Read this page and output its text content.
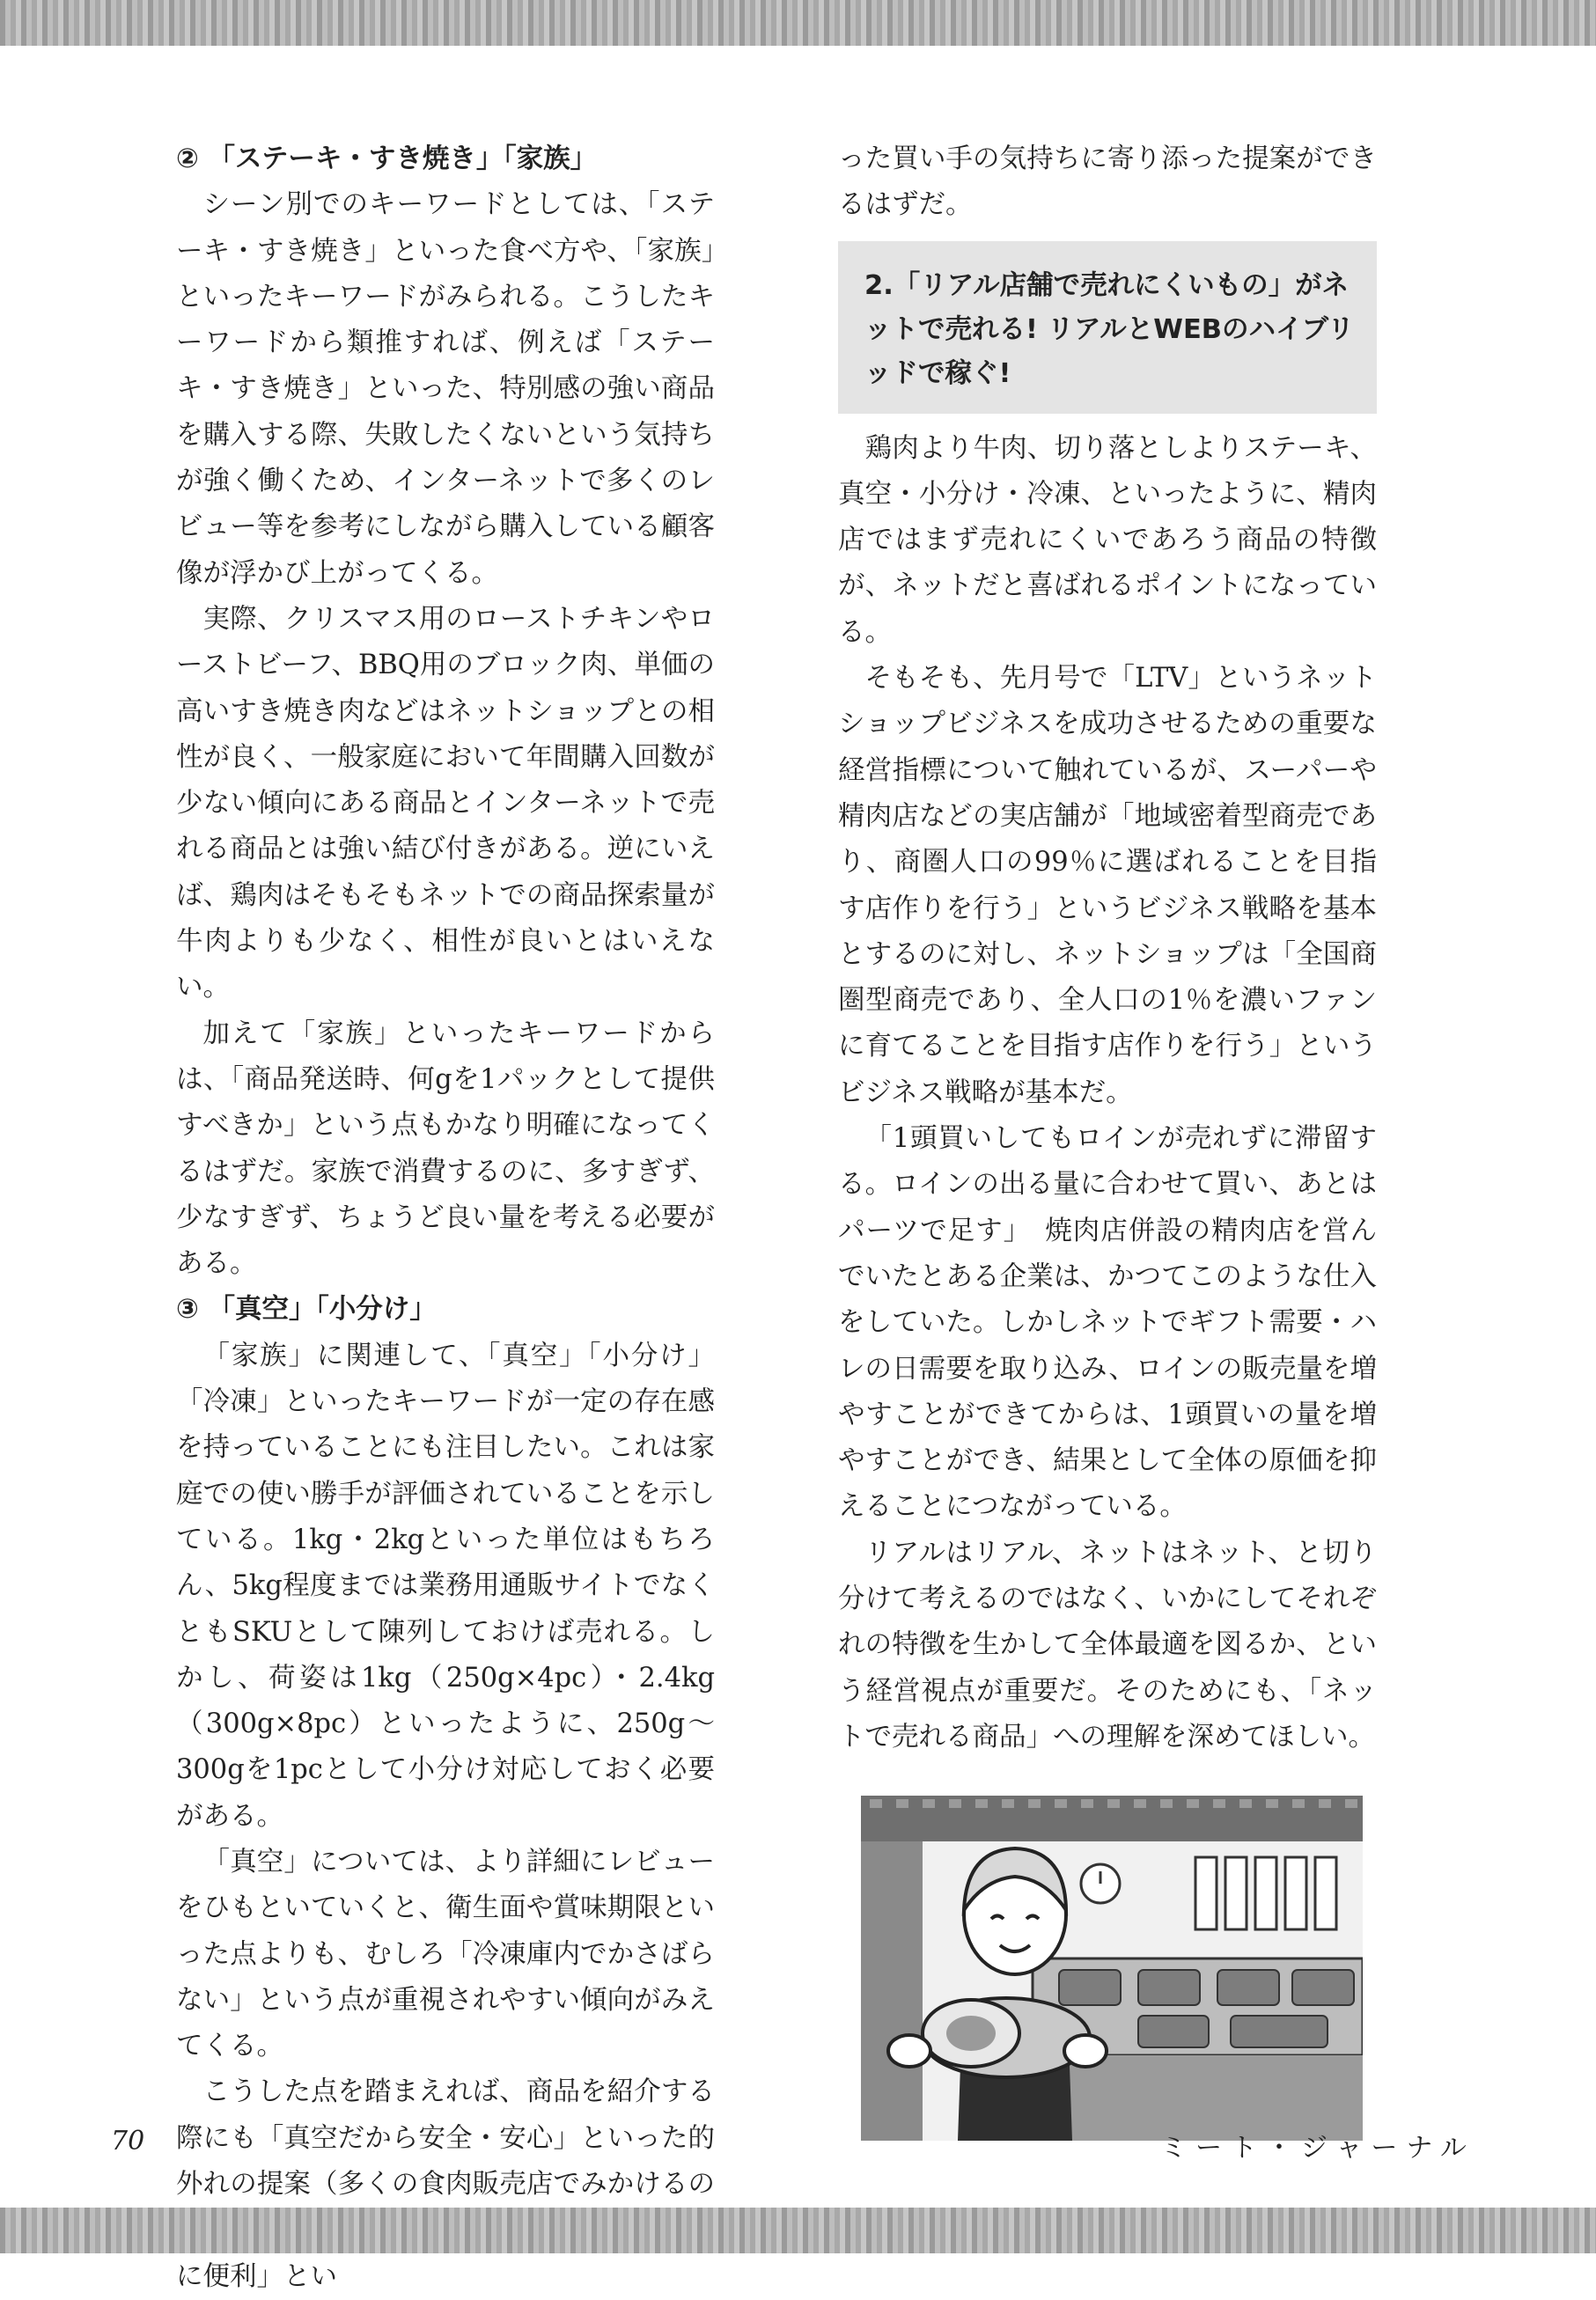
② 「ステーキ・すき焼き」「家族」

シーン別でのキーワードとしては、「ステーキ・すき焼き」といった食べ方や、「家族」といったキーワードがみられる。こうしたキーワードから類推すれば、例えば「ステーキ・すき焼き」といった、特別感の強い商品を購入する際、失敗したくないという気持ちが強く働くため、インターネットで多くのレビュー等を参考にしながら購入している顧客像が浮かび上がってくる。

実際、クリスマス用のローストチキンやローストビーフ、BBQ用のブロック肉、単価の高いすき焼き肉などはネットショップとの相性が良く、一般家庭において年間購入回数が少ない傾向にある商品とインターネットで売れる商品とは強い結び付きがある。逆にいえば、鶏肉はそもそもネットでの商品探索量が牛肉よりも少なく、相性が良いとはいえない。

加えて「家族」といったキーワードからは、「商品発送時、何gを1パックとして提供すべきか」という点もかなり明確になってくるはずだ。家族で消費するのに、多すぎず、少なすぎず、ちょうど良い量を考える必要がある。

③ 「真空」「小分け」

「家族」に関連して、「真空」「小分け」「冷凍」といったキーワードが一定の存在感を持っていることにも注目したい。これは家庭での使い勝手が評価されていることを示している。1kg・2kgといった単位はもちろん、5kg程度までは業務用通販サイトでなくともSKUとして陳列しておけば売れる。しかし、荷姿は1kg（250g×4pc）・2.4kg（300g×8pc）といったように、250g～300gを1pcとして小分け対応しておく必要がある。

「真空」については、より詳細にレビューをひもといていくと、衛生面や賞味期限といった点よりも、むしろ「冷凍庫内でかさばらない」という点が重視されやすい傾向がみえてくる。

こうした点を踏まえれば、商品を紹介する際にも「真空だから安全・安心」といった的外れの提案（多くの食肉販売店でみかけるの に便利」とい

った買い手の気持ちに寄り添った提案ができるはずだ。

2.「リアル店舗で売れにくいもの」がネットで売れる! リアルとWEBのハイブリッドで稼ぐ!

鶏肉より牛肉、切り落としよりステーキ、真空・小分け・冷凍、といったように、精肉店ではまず売れにくいであろう商品の特徴が、ネットだと喜ばれるポイントになっている。

そもそも、先月号で「LTV」というネットショップビジネスを成功させるための重要な経営指標について触れているが、スーパーや精肉店などの実店舗が「地域密着型商売であり、商圏人口の99％に選ばれることを目指す店作りを行う」というビジネス戦略を基本とするのに対し、ネットショップは「全国商圏型商売であり、全人口の1％を濃いファンに育てることを目指す店作りを行う」というビジネス戦略が基本だ。

「1頭買いしてもロインが売れずに滞留する。ロインの出る量に合わせて買い、あとはパーツで足す」　焼肉店併設の精肉店を営んでいたとある企業は、かつてこのような仕入をしていた。しかしネットでギフト需要・ハレの日需要を取り込み、ロインの販売量を増やすことができてからは、1頭買いの量を増やすことができ、結果として全体の原価を抑えることにつながっている。

リアルはリアル、ネットはネット、と切り分けて考えるのではなく、いかにしてそれぞれの特徴を生かして全体最適を図るか、という経営視点が重要だ。そのためにも、「ネットで売れる商品」への理解を深めてほしい。

70	ミート・ジャーナル
